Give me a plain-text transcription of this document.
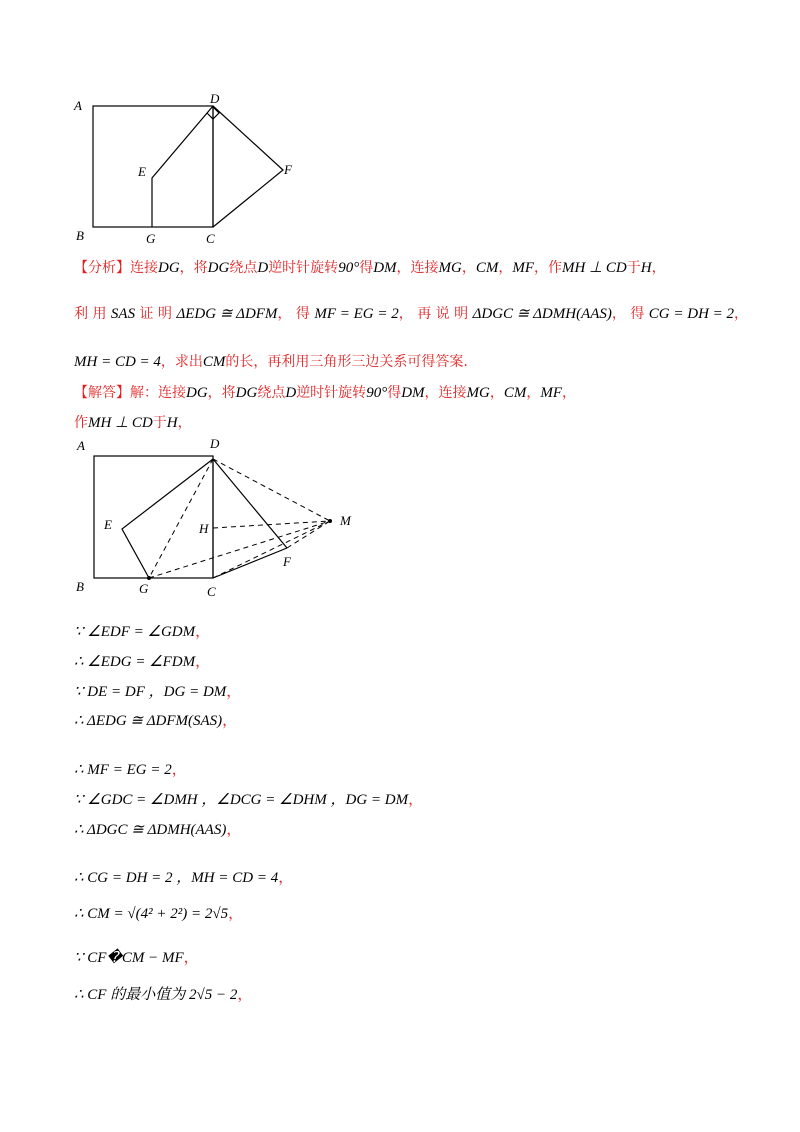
A	D
E	F
B	G	C
【分析】连接DG，将DG绕点D逆时针旋转90°得DM，连接MG，CM，MF，作MH ⊥ CD于H，
利 用 SAS 证 明 ΔEDG ≅ ΔDFM， 得 MF = EG = 2， 再 说 明 ΔDGC ≅ ΔDMH(AAS)， 得 CG = DH = 2，
MH = CD = 4，求出CM的长，再利用三角形三边关系可得答案.
【解答】解：连接DG，将DG绕点D逆时针旋转90°得DM，连接MG，CM，MF，
作MH ⊥ CD于H，
A	D
E	H
M
F
B	G	C
∵ ∠EDF = ∠GDM，
∴ ∠EDG = ∠FDM，
∵ DE = DF ，DG = DM，
∴ ΔEDG ≅ ΔDFM(SAS)，
∴ MF = EG = 2，
∵ ∠GDC = ∠DMH ，∠DCG = ∠DHM ，DG = DM，
∴ ΔDGC ≅ ΔDMH(AAS)，
∴ CG = DH = 2 ，MH = CD = 4，
∴ CM = √(4² + 2²) = 2√5，
∵ CF�CM − MF，
∴ CF 的最小值为 2√5 − 2，
